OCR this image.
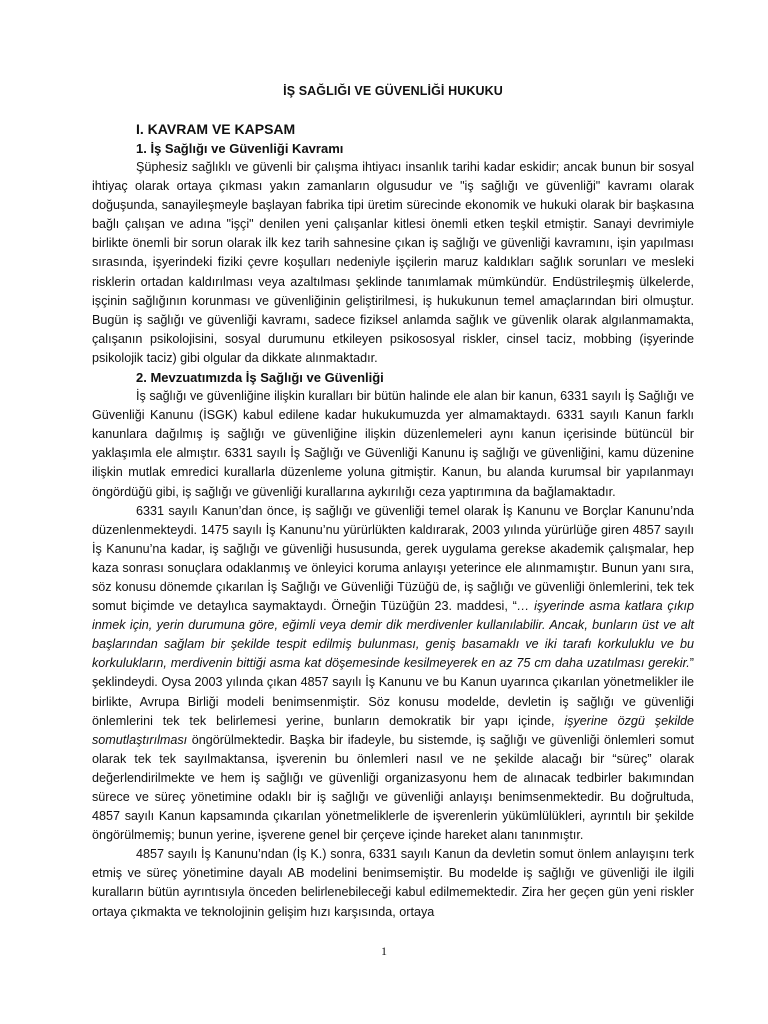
İŞ SAĞLIĞI VE GÜVENLİĞİ HUKUKU
I. KAVRAM VE KAPSAM
1. İş Sağlığı ve Güvenliği Kavramı

Şüphesiz sağlıklı ve güvenli bir çalışma ihtiyacı insanlık tarihi kadar eskidir; ancak bunun bir sosyal ihtiyaç olarak ortaya çıkması yakın zamanların olgusudur ve "iş sağlığı ve güvenliği" kavramı olarak doğuşunda, sanayileşmeyle başlayan fabrika tipi üretim sürecinde ekonomik ve hukuki olarak bir başkasına bağlı çalışan ve adına "işçi" denilen yeni çalışanlar kitlesi önemli etken teşkil etmiştir. Sanayi devrimiyle birlikte önemli bir sorun olarak ilk kez tarih sahnesine çıkan iş sağlığı ve güvenliği kavramını, işin yapılması sırasında, işyerindeki fiziki çevre koşulları nedeniyle işçilerin maruz kaldıkları sağlık sorunları ve mesleki risklerin ortadan kaldırılması veya azaltılması şeklinde tanımlamak mümkündür. Endüstrileşmiş ülkelerde, işçinin sağlığının korunması ve güvenliğinin geliştirilmesi, iş hukukunun temel amaçlarından biri olmuştur. Bugün iş sağlığı ve güvenliği kavramı, sadece fiziksel anlamda sağlık ve güvenlik olarak algılanmamakta, çalışanın psikolojisini, sosyal durumunu etkileyen psikososyal riskler, cinsel taciz, mobbing (işyerinde psikolojik taciz) gibi olgular da dikkate alınmaktadır.

2. Mevzuatımızda İş Sağlığı ve Güvenliği

İş sağlığı ve güvenliğine ilişkin kuralları bir bütün halinde ele alan bir kanun, 6331 sayılı İş Sağlığı ve Güvenliği Kanunu (İSGK) kabul edilene kadar hukukumuzda yer almamaktaydı. 6331 sayılı Kanun farklı kanunlara dağılmış iş sağlığı ve güvenliğine ilişkin düzenlemeleri aynı kanun içerisinde bütüncül bir yaklaşımla ele almıştır. 6331 sayılı İş Sağlığı ve Güvenliği Kanunu iş sağlığı ve güvenliğini, kamu düzenine ilişkin mutlak emredici kurallarla düzenleme yoluna gitmiştir. Kanun, bu alanda kurumsal bir yapılanmayı öngördüğü gibi, iş sağlığı ve güvenliği kurallarına aykırılığı ceza yaptırımına da bağlamaktadır.

6331 sayılı Kanun’dan önce, iş sağlığı ve güvenliği temel olarak İş Kanunu ve Borçlar Kanunu’nda düzenlenmekteydi. 1475 sayılı İş Kanunu’nu yürürlükten kaldırarak, 2003 yılında yürürlüğe giren 4857 sayılı İş Kanunu’na kadar, iş sağlığı ve güvenliği hususunda, gerek uygulama gerekse akademik çalışmalar, hep kaza sonrası sonuçlara odaklanmış ve önleyici koruma anlayışı yeterince ele alınmamıştır. Bunun yanı sıra, söz konusu dönemde çıkarılan İş Sağlığı ve Güvenliği Tüzüğü de, iş sağlığı ve güvenliği önlemlerini, tek tek somut biçimde ve detaylıca saymaktaydı. Örneğin Tüzüğün 23. maddesi, “… işyerinde asma katlara çıkıp inmek için, yerin durumuna göre, eğimli veya demir dik merdivenler kullanılabilir. Ancak, bunların üst ve alt başlarından sağlam bir şekilde tespit edilmiş bulunması, geniş basamaklı ve iki tarafı korkuluklu ve bu korkulukların, merdivenin bittiği asma kat döşemesinde kesilmeyerek en az 75 cm daha uzatılması gerekir.” şeklindeydi. Oysa 2003 yılında çıkan 4857 sayılı İş Kanunu ve bu Kanun uyarınca çıkarılan yönetmelikler ile birlikte, Avrupa Birliği modeli benimsenmiştir. Söz konusu modelde, devletin iş sağlığı ve güvenliği önlemlerini tek tek belirlemesi yerine, bunların demokratik bir yapı içinde, işyerine özgü şekilde somutlaştırılması öngörülmektedir. Başka bir ifadeyle, bu sistemde, iş sağlığı ve güvenliği önlemleri somut olarak tek tek sayılmaktansa, işverenin bu önlemleri nasıl ve ne şekilde alacağı bir “süreç” olarak değerlendirilmekte ve hem iş sağlığı ve güvenliği organizasyonu hem de alınacak tedbirler bakımından sürece ve süreç yönetimine odaklı bir iş sağlığı ve güvenliği anlayışı benimsenmektedir. Bu doğrultuda, 4857 sayılı Kanun kapsamında çıkarılan yönetmeliklerle de işverenlerin yükümlülükleri, ayrıntılı bir şekilde öngörülmemiş; bunun yerine, işverene genel bir çerçeve içinde hareket alanı tanınmıştır.

4857 sayılı İş Kanunu’ndan (İş K.) sonra, 6331 sayılı Kanun da devletin somut önlem anlayışını terk etmiş ve süreç yönetimine dayalı AB modelini benimsemiştir. Bu modelde iş sağlığı ve güvenliği ile ilgili kuralların bütün ayrıntısıyla önceden belirlenebileceği kabul edilmemektedir. Zira her geçen gün yeni riskler ortaya çıkmakta ve teknolojinin gelişim hızı karşısında, ortaya

1
